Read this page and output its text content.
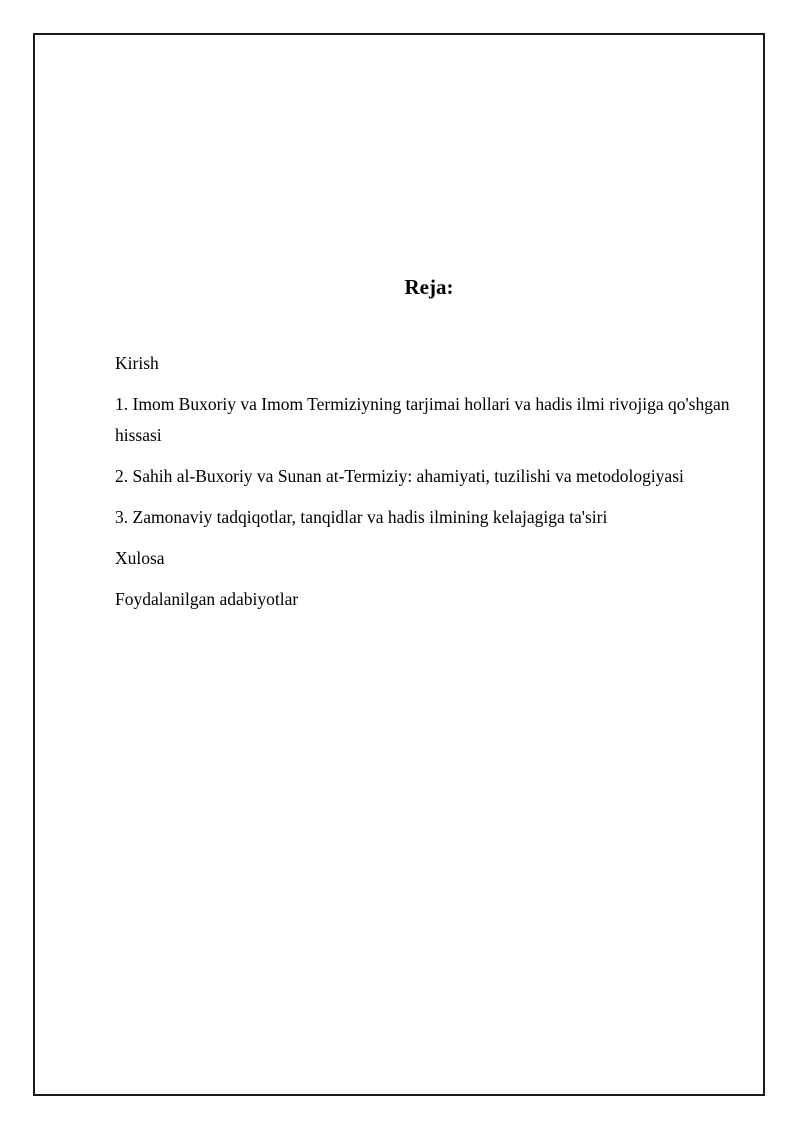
Reja:
Kirish
1. Imom Buxoriy va Imom Termiziyning tarjimai hollari va hadis ilmi rivojiga qo'shgan hissasi
2. Sahih al-Buxoriy va Sunan at-Termiziy: ahamiyati, tuzilishi va metodologiyasi
3. Zamonaviy tadqiqotlar, tanqidlar va hadis ilmining kelajagiga ta'siri
Xulosa
Foydalanilgan adabiyotlar
